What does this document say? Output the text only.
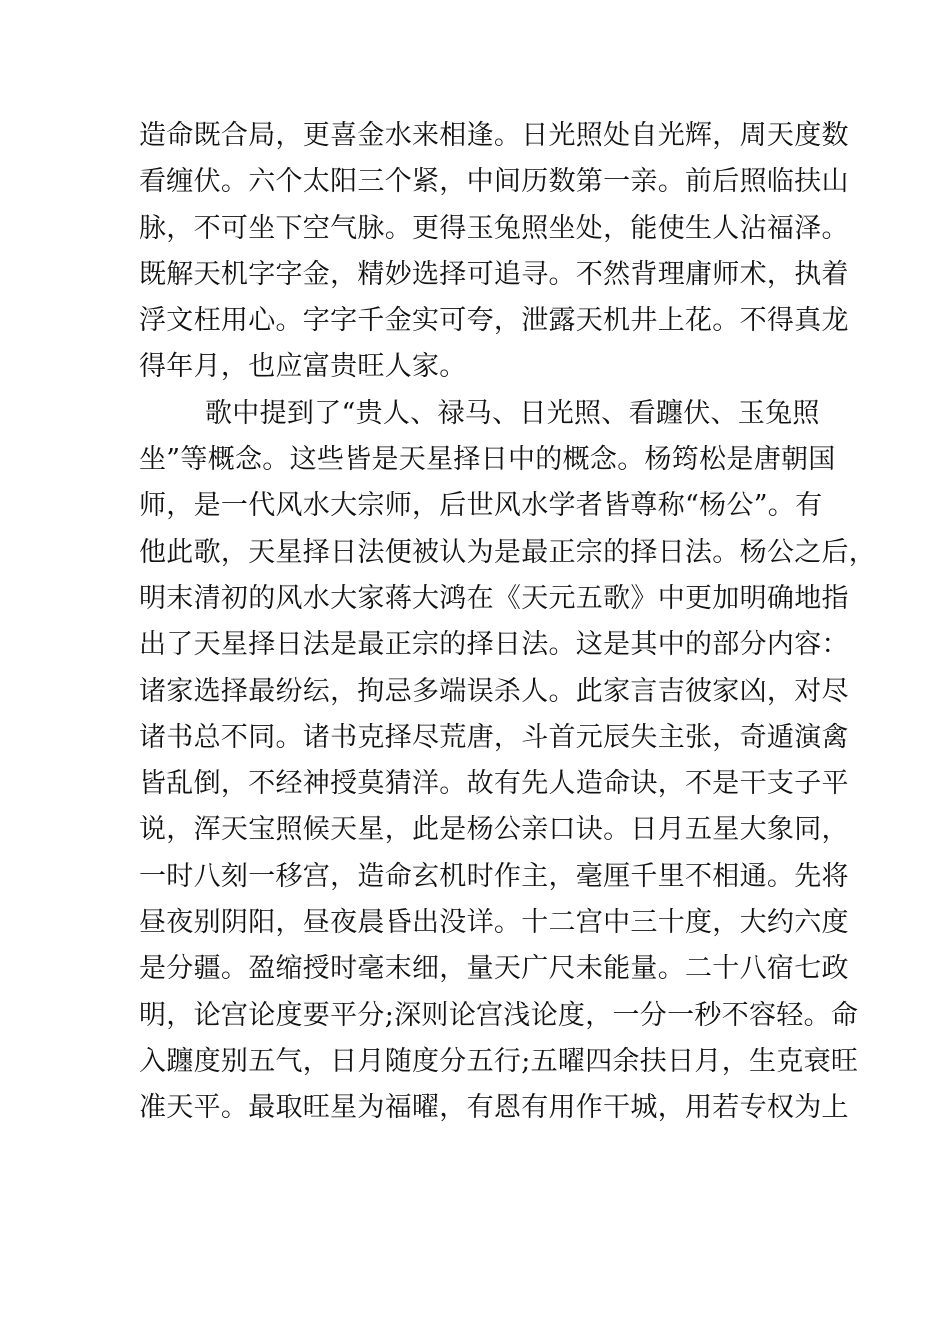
造命既合局，更喜金水来相逢。日光照处自光辉，周天度数
看缠伏。六个太阳三个紧，中间历数第一亲。前后照临扶山
脉，不可坐下空气脉。更得玉兔照坐处，能使生人沾福泽。
既解天机字字金，精妙选择可追寻。不然背理庸师术，执着
浮文枉用心。字字千金实可夸，泄露天机井上花。不得真龙
得年月，也应富贵旺人家。
歌中提到了“贵人、禄马、日光照、看躔伏、玉兔照
坐”等概念。这些皆是天星择日中的概念。杨筠松是唐朝国
师，是一代风水大宗师，后世风水学者皆尊称“杨公”。有
他此歌，天星择日法便被认为是最正宗的择日法。杨公之后，
明末清初的风水大家蒋大鸿在《天元五歌》中更加明确地指
出了天星择日法是最正宗的择日法。这是其中的部分内容：
诸家选择最纷纭，拘忌多端误杀人。此家言吉彼家凶，对尽
诸书总不同。诸书克择尽荒唐，斗首元辰失主张，奇遁演禽
皆乱倒，不经神授莫猜洋。故有先人造命诀，不是干支子平
说，浑天宝照候天星，此是杨公亲口诀。日月五星大象同，
一时八刻一移宫，造命玄机时作主，毫厘千里不相通。先将
昼夜别阴阳，昼夜晨昏出没详。十二宫中三十度，大约六度
是分疆。盈缩授时毫末细，量天广尺未能量。二十八宿七政
明，论宫论度要平分;深则论宫浅论度，一分一秒不容轻。命
入躔度别五气，日月随度分五行;五曜四余扶日月，生克衰旺
准天平。最取旺星为福曜，有恩有用作干城，用若专权为上
